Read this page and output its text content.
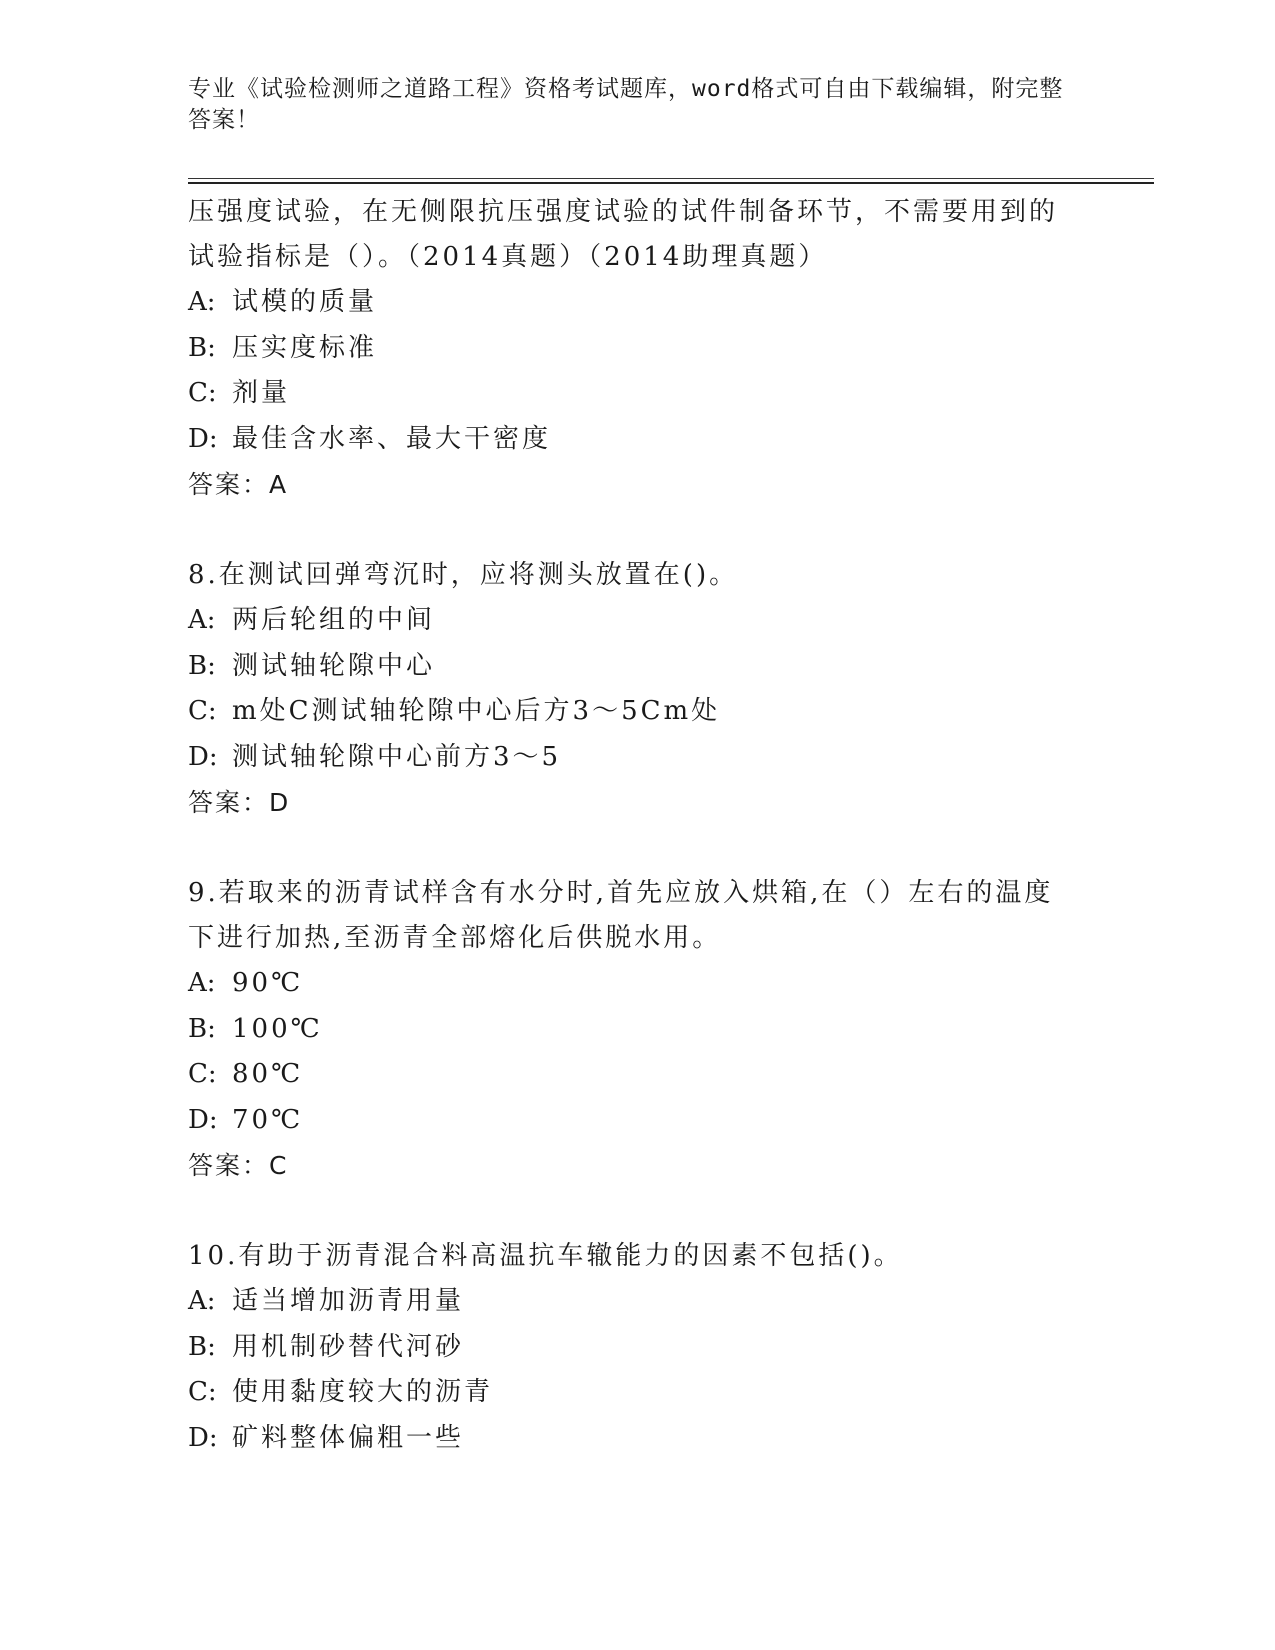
专业《试验检测师之道路工程》资格考试题库，word格式可自由下载编辑，附完整答案！
压强度试验，在无侧限抗压强度试验的试件制备环节，不需要用到的试验指标是（）。（2014真题）（2014助理真题）
A: 试模的质量
B: 压实度标准
C: 剂量
D: 最佳含水率、最大干密度
答案：A
8.在测试回弹弯沉时，应将测头放置在()。
A: 两后轮组的中间
B: 测试轴轮隙中心
C: m处C测试轴轮隙中心后方3～5Cm处
D: 测试轴轮隙中心前方3～5
答案：D
9.若取来的沥青试样含有水分时,首先应放入烘箱,在（）左右的温度下进行加热,至沥青全部熔化后供脱水用。
A: 90℃
B: 100℃
C: 80℃
D: 70℃
答案：C
10.有助于沥青混合料高温抗车辙能力的因素不包括()。
A: 适当增加沥青用量
B: 用机制砂替代河砂
C: 使用黏度较大的沥青
D: 矿料整体偏粗一些
